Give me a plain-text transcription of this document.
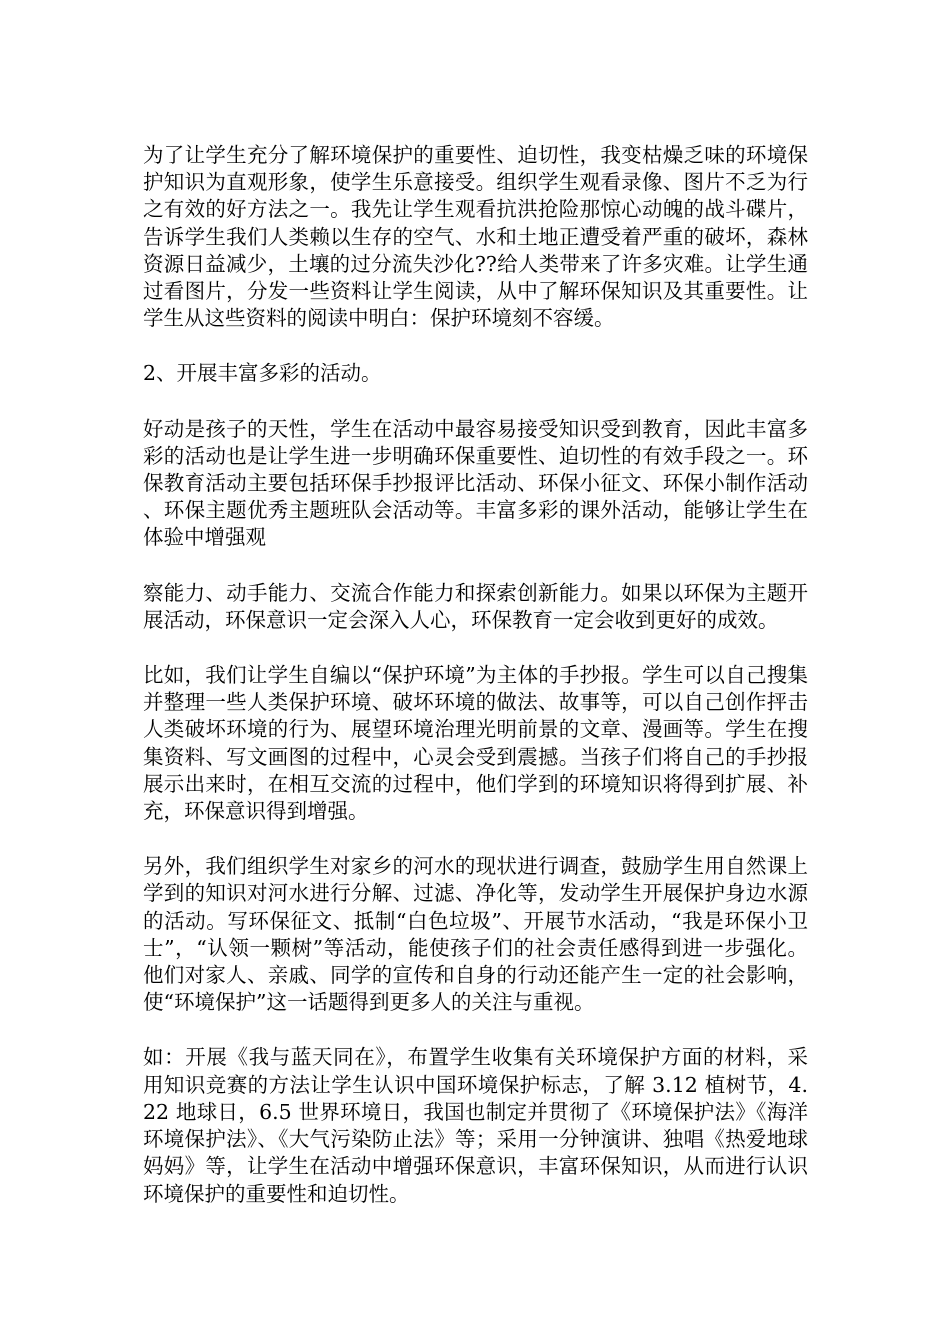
为了让学生充分了解环境保护的重要性、迫切性，我变枯燥乏味的环境保护知识为直观形象，使学生乐意接受。组织学生观看录像、图片不乏为行之有效的好方法之一。我先让学生观看抗洪抢险那惊心动魄的战斗碟片，告诉学生我们人类赖以生存的空气、水和土地正遭受着严重的破坏，森林资源日益减少，土壤的过分流失沙化??给人类带来了许多灾难。让学生通过看图片，分发一些资料让学生阅读，从中了解环保知识及其重要性。让学生从这些资料的阅读中明白：保护环境刻不容缓。

2、开展丰富多彩的活动。

好动是孩子的天性，学生在活动中最容易接受知识受到教育，因此丰富多彩的活动也是让学生进一步明确环保重要性、迫切性的有效手段之一。环保教育活动主要包括环保手抄报评比活动、环保小征文、环保小制作活动、环保主题优秀主题班队会活动等。丰富多彩的课外活动，能够让学生在体验中增强观

察能力、动手能力、交流合作能力和探索创新能力。如果以环保为主题开展活动，环保意识一定会深入人心，环保教育一定会收到更好的成效。

比如，我们让学生自编以“保护环境”为主体的手抄报。学生可以自己搜集并整理一些人类保护环境、破坏环境的做法、故事等，可以自己创作抨击人类破坏环境的行为、展望环境治理光明前景的文章、漫画等。学生在搜集资料、写文画图的过程中，心灵会受到震撼。当孩子们将自己的手抄报展示出来时，在相互交流的过程中，他们学到的环境知识将得到扩展、补充，环保意识得到增强。

另外，我们组织学生对家乡的河水的现状进行调查，鼓励学生用自然课上学到的知识对河水进行分解、过滤、净化等，发动学生开展保护身边水源的活动。写环保征文、抵制“白色垃圾”、开展节水活动，“我是环保小卫士”，“认领一颗树”等活动，能使孩子们的社会责任感得到进一步强化。他们对家人、亲戚、同学的宣传和自身的行动还能产生一定的社会影响，使“环境保护”这一话题得到更多人的关注与重视。

如：开展《我与蓝天同在》，布置学生收集有关环境保护方面的材料，采用知识竞赛的方法让学生认识中国环境保护标志，了解 3.12 植树节，4.22 地球日，6.5 世界环境日，我国也制定并贯彻了《环境保护法》《海洋环境保护法》、《大气污染防止法》等；采用一分钟演讲、独唱《热爱地球妈妈》等，让学生在活动中增强环保意识，丰富环保知识，从而进行认识环境保护的重要性和迫切性。
